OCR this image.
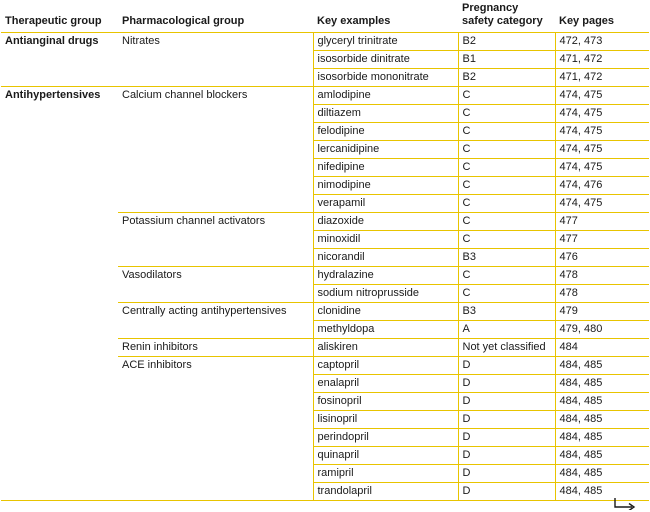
Therapeutic group	Pharmacological group	Key examples	Pregnancy safety category	Key pages
Antianginal drugs	Nitrates	glyceryl trinitrate	B2	472, 473
		isosorbide dinitrate	B1	471, 472
		isosorbide mononitrate	B2	471, 472
Antihypertensives	Calcium channel blockers	amlodipine	C	474, 475
		diltiazem	C	474, 475
		felodipine	C	474, 475
		lercanidipine	C	474, 475
		nifedipine	C	474, 475
		nimodipine	C	474, 476
		verapamil	C	474, 475
	Potassium channel activators	diazoxide	C	477
		minoxidil	C	477
		nicorandil	B3	476
	Vasodilators	hydralazine	C	478
		sodium nitroprusside	C	478
	Centrally acting antihypertensives	clonidine	B3	479
		methyldopa	A	479, 480
	Renin inhibitors	aliskiren	Not yet classified	484
	ACE inhibitors	captopril	D	484, 485
		enalapril	D	484, 485
		fosinopril	D	484, 485
		lisinopril	D	484, 485
		perindopril	D	484, 485
		quinapril	D	484, 485
		ramipril	D	484, 485
		trandolapril	D	484, 485
